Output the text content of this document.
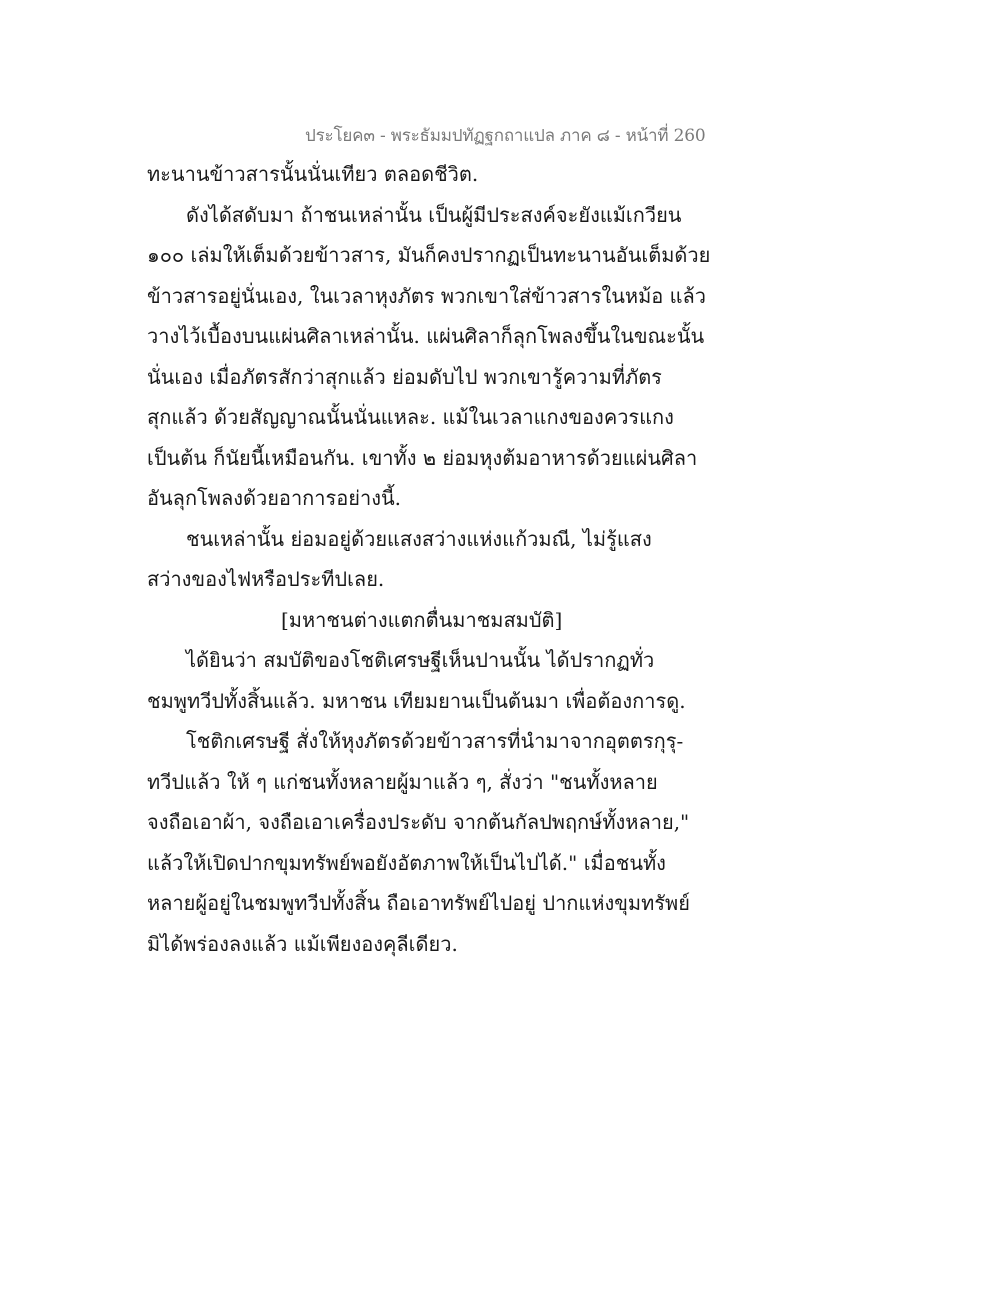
ประโยค๓ - พระธัมมปทัฏฐกถาแปล ภาค ๘ - หน้าที่ 260
ทะนานข้าวสารนั้นนั่นเทียว ตลอดชีวิต.
ดังได้สดับมา ถ้าชนเหล่านั้น เป็นผู้มีประสงค์จะยังแม้เกวียน
๑๐๐ เล่มให้เต็มด้วยข้าวสาร, มันก็คงปรากฏเป็นทะนานอันเต็มด้วย
ข้าวสารอยู่นั่นเอง, ในเวลาหุงภัตร พวกเขาใส่ข้าวสารในหม้อ แล้ว
วางไว้เบื้องบนแผ่นศิลาเหล่านั้น. แผ่นศิลาก็ลุกโพลงขึ้นในขณะนั้น
นั่นเอง เมื่อภัตรสักว่าสุกแล้ว ย่อมดับไป พวกเขารู้ความที่ภัตร
สุกแล้ว ด้วยสัญญาณนั้นนั่นแหละ. แม้ในเวลาแกงของควรแกง
เป็นต้น ก็นัยนี้เหมือนกัน. เขาทั้ง ๒ ย่อมหุงต้มอาหารด้วยแผ่นศิลา
อันลุกโพลงด้วยอาการอย่างนี้.
ชนเหล่านั้น ย่อมอยู่ด้วยแสงสว่างแห่งแก้วมณี, ไม่รู้แสง
สว่างของไฟหรือประทีปเลย.
[มหาชนต่างแตกตื่นมาชมสมบัติ]
ได้ยินว่า สมบัติของโชติเศรษฐีเห็นปานนั้น ได้ปรากฏทั่ว
ชมพูทวีปทั้งสิ้นแล้ว. มหาชน เทียมยานเป็นต้นมา เพื่อต้องการดู.
โชติกเศรษฐี สั่งให้หุงภัตรด้วยข้าวสารที่นำมาจากอุตตรกุรุ-
ทวีปแล้ว ให้ ๆ แก่ชนทั้งหลายผู้มาแล้ว ๆ, สั่งว่า "ชนทั้งหลาย
จงถือเอาผ้า, จงถือเอาเครื่องประดับ จากต้นกัลปพฤกษ์ทั้งหลาย,"
แล้วให้เปิดปากขุมทรัพย์พอยังอัตภาพให้เป็นไปได้." เมื่อชนทั้ง
หลายผู้อยู่ในชมพูทวีปทั้งสิ้น ถือเอาทรัพย์ไปอยู่ ปากแห่งขุมทรัพย์
มิได้พร่องลงแล้ว แม้เพียงองคุลีเดียว.
